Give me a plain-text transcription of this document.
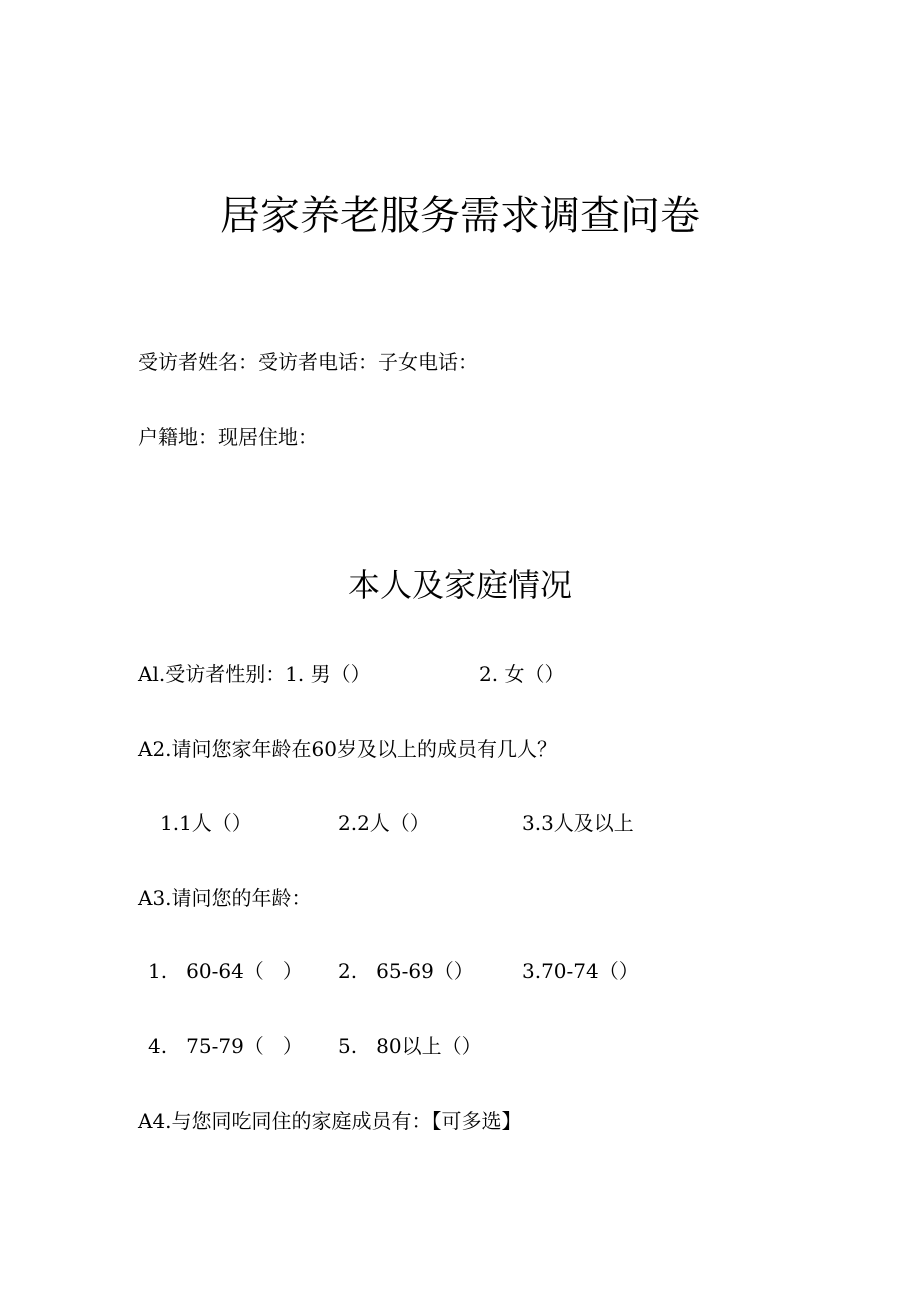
居家养老服务需求调查问卷
受访者姓名：受访者电话：子女电话：
户籍地：现居住地：
本人及家庭情况
Al.受访者性别：1. 男（）	2. 女（）
A2.请问您家年龄在60岁及以上的成员有几人？
1.1人（）	2.2人（）	3.3人及以上
A3.请问您的年龄：
1.   60-64（   ） 2.   65-69（） 3.70-74（）
4.   75-79（   ） 5.   80以上（）
A4.与您同吃同住的家庭成员有：【可多选】
